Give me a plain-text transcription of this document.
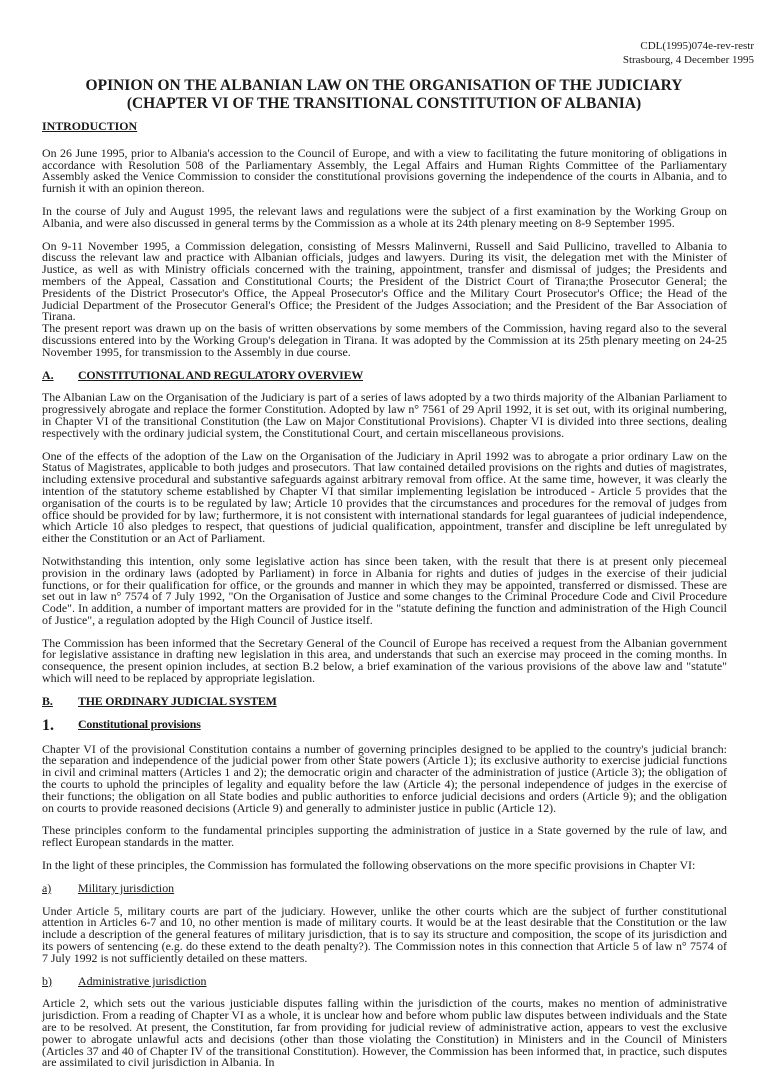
CDL(1995)074e-rev-restr
Strasbourg, 4 December 1995
OPINION ON THE ALBANIAN LAW ON THE ORGANISATION OF THE JUDICIARY
(CHAPTER VI OF THE TRANSITIONAL CONSTITUTION OF ALBANIA)
INTRODUCTION

On 26 June 1995, prior to Albania's accession to the Council of Europe, and with a view to facilitating the future monitoring of obligations in accordance with Resolution 508 of the Parliamentary Assembly, the Legal Affairs and Human Rights Committee of the Parliamentary Assembly asked the Venice Commission to consider the constitutional provisions governing the independence of the courts in Albania, and to furnish it with an opinion thereon.

In the course of July and August 1995, the relevant laws and regulations were the subject of a first examination by the Working Group on Albania, and were also discussed in general terms by the Commission as a whole at its 24th plenary meeting on 8-9 September 1995.

On 9-11 November 1995, a Commission delegation, consisting of Messrs Malinverni, Russell and Said Pullicino, travelled to Albania to discuss the relevant law and practice with Albanian officials, judges and lawyers. During its visit, the delegation met with the Minister of Justice, as well as with Ministry officials concerned with the training, appointment, transfer and dismissal of judges; the Presidents and members of the Appeal, Cassation and Constitutional Courts; the President of the District Court of Tirana;the Prosecutor General; the Presidents of the District Prosecutor's Office, the Appeal Prosecutor's Office and the Military Court Prosecutor's Office; the Head of the Judicial Department of the Prosecutor General's Office; the President of the Judges Association; and the President of the Bar Association of Tirana.

The present report was drawn up on the basis of written observations by some members of the Commission, having regard also to the several discussions entered into by the Working Group's delegation in Tirana. It was adopted by the Commission at its 25th plenary meeting on 24-25 November 1995, for transmission to the Assembly in due course.

A.	CONSTITUTIONAL AND REGULATORY OVERVIEW

The Albanian Law on the Organisation of the Judiciary is part of a series of laws adopted by a two thirds majority of the Albanian Parliament to progressively abrogate and replace the former Constitution. Adopted by law n° 7561 of 29 April 1992, it is set out, with its original numbering, in Chapter VI of the transitional Constitution (the Law on Major Constitutional Provisions). Chapter VI is divided into three sections, dealing respectively with the ordinary judicial system, the Constitutional Court, and certain miscellaneous provisions.

One of the effects of the adoption of the Law on the Organisation of the Judiciary in April 1992 was to abrogate a prior ordinary Law on the Status of Magistrates, applicable to both judges and prosecutors. That law contained detailed provisions on the rights and duties of magistrates, including extensive procedural and substantive safeguards against arbitrary removal from office. At the same time, however, it was clearly the intention of the statutory scheme established by Chapter VI that similar implementing legislation be introduced - Article 5 provides that the organisation of the courts is to be regulated by law; Article 10 provides that the circumstances and procedures for the removal of judges from office should be provided for by law; furthermore, it is not consistent with international standards for legal guarantees of judicial independence, which Article 10 also pledges to respect, that questions of judicial qualification, appointment, transfer and discipline be left unregulated by either the Constitution or an Act of Parliament.

Notwithstanding this intention, only some legislative action has since been taken, with the result that there is at present only piecemeal provision in the ordinary laws (adopted by Parliament) in force in Albania for rights and duties of judges in the exercise of their judicial functions, or for their qualification for office, or the grounds and manner in which they may be appointed, transferred or dismissed. These are set out in law n° 7574 of 7 July 1992, "On the Organisation of Justice and some changes to the Criminal Procedure Code and Civil Procedure Code". In addition, a number of important matters are provided for in the "statute defining the function and administration of the High Council of Justice", a regulation adopted by the High Council of Justice itself.

The Commission has been informed that the Secretary General of the Council of Europe has received a request from the Albanian government for legislative assistance in drafting new legislation in this area, and understands that such an exercise may proceed in the coming months. In consequence, the present opinion includes, at section B.2 below, a brief examination of the various provisions of the above law and "statute" which will need to be replaced by appropriate legislation.

B.	THE ORDINARY JUDICIAL SYSTEM
1.	Constitutional provisions

Chapter VI of the provisional Constitution contains a number of governing principles designed to be applied to the country's judicial branch: the separation and independence of the judicial power from other State powers (Article 1); its exclusive authority to exercise judicial functions in civil and criminal matters (Articles 1 and 2); the democratic origin and character of the administration of justice (Article 3); the obligation of the courts to uphold the principles of legality and equality before the law (Article 4); the personal independence of judges in the exercise of their functions; the obligation on all State bodies and public authorities to enforce judicial decisions and orders (Article 9); and the obligation on courts to provide reasoned decisions (Article 9) and generally to administer justice in public (Article 12).

These principles conform to the fundamental principles supporting the administration of justice in a State governed by the rule of law, and reflect European standards in the matter.

In the light of these principles, the Commission has formulated the following observations on the more specific provisions in Chapter VI:

a)	Military jurisdiction

Under Article 5, military courts are part of the judiciary. However, unlike the other courts which are the subject of further constitutional attention in Articles 6-7 and 10, no other mention is made of military courts. It would be at the least desirable that the Constitution or the law include a description of the general features of military jurisdiction, that is to say its structure and composition, the scope of its jurisdiction and its powers of sentencing (e.g. do these extend to the death penalty?). The Commission notes in this connection that Article 5 of law n° 7574 of 7 July 1992 is not sufficiently detailed on these matters.

b)	Administrative jurisdiction

Article 2, which sets out the various justiciable disputes falling within the jurisdiction of the courts, makes no mention of administrative jurisdiction. From a reading of Chapter VI as a whole, it is unclear how and before whom public law disputes between individuals and the State are to be resolved. At present, the Constitution, far from providing for judicial review of administrative action, appears to vest the exclusive power to abrogate unlawful acts and decisions (other than those violating the Constitution) in Ministers and in the Council of Ministers (Articles 37 and 40 of Chapter IV of the transitional Constitution). However, the Commission has been informed that, in practice, such disputes are assimilated to civil jurisdiction in Albania. In
